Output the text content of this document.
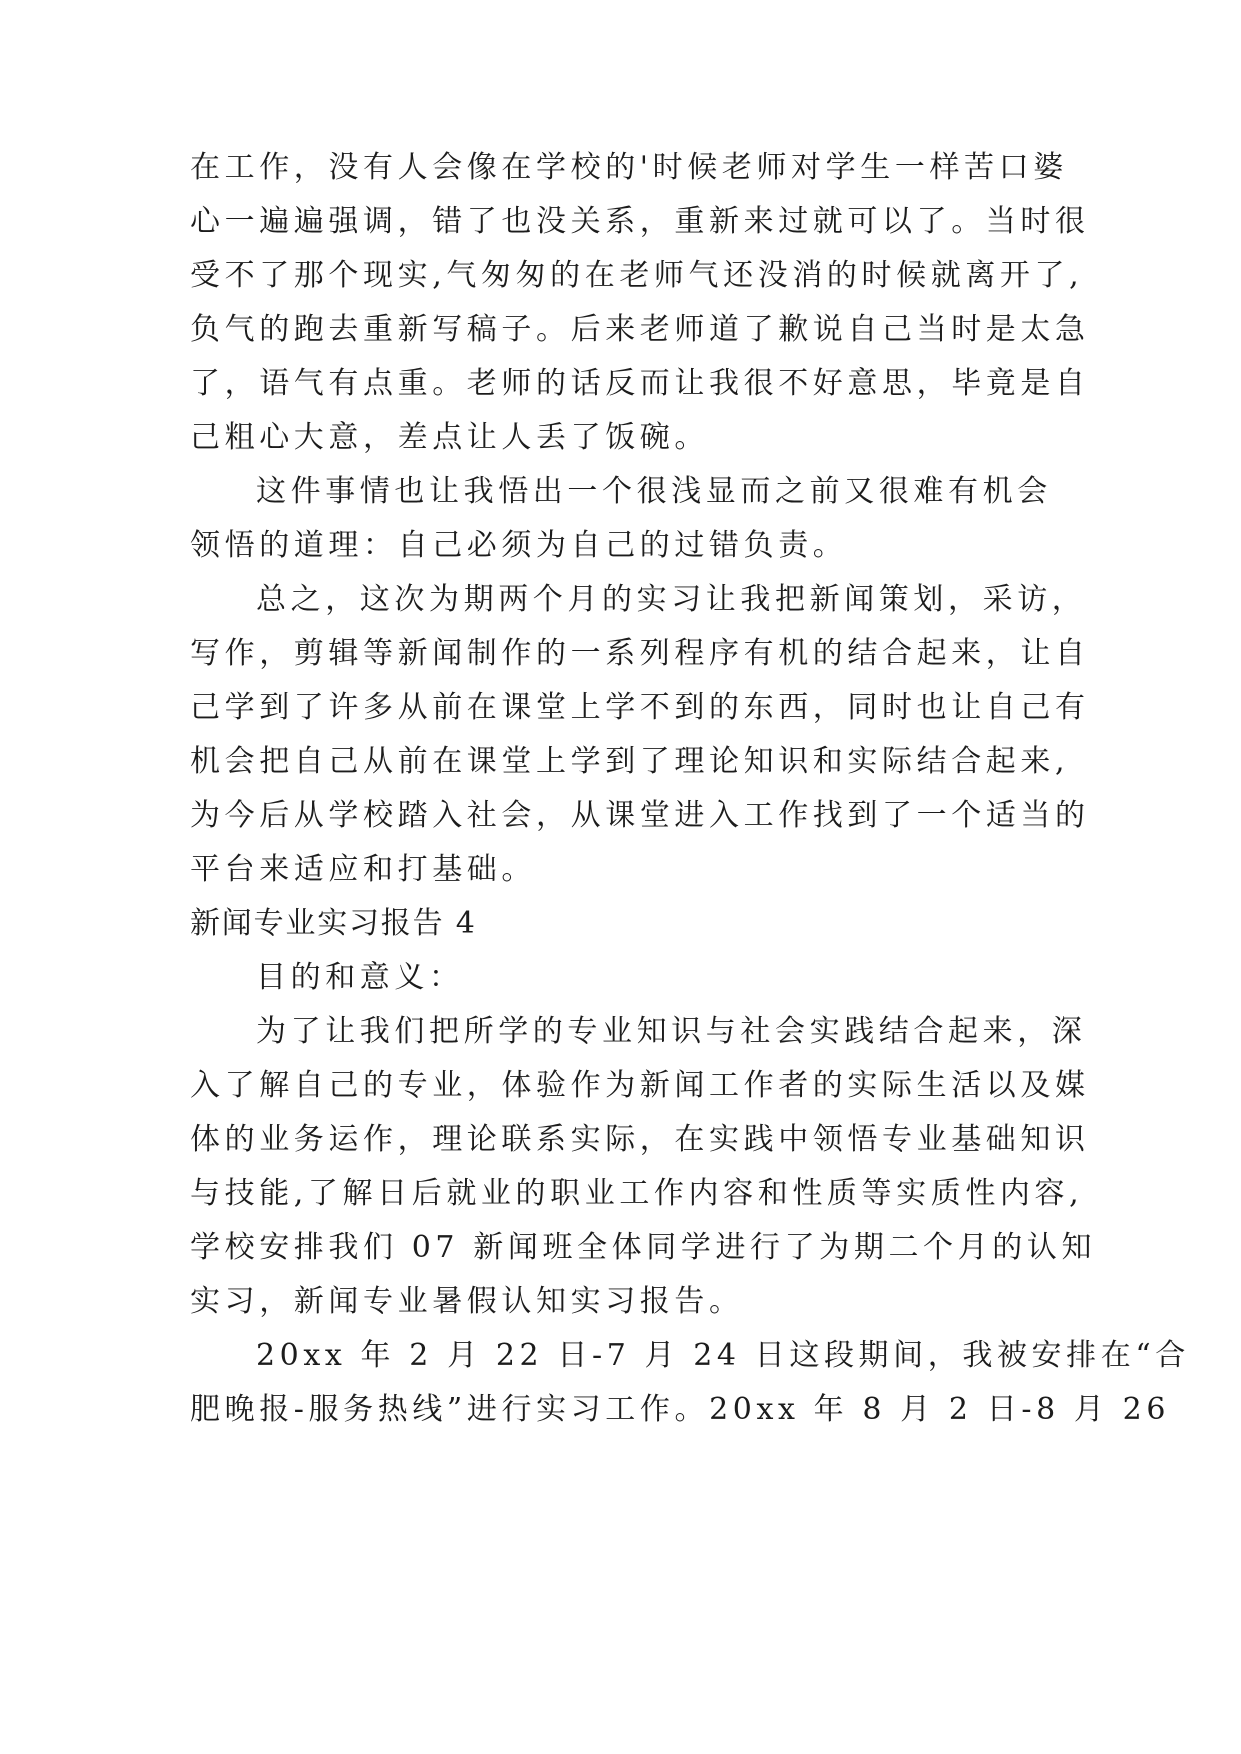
在工作，没有人会像在学校的'时候老师对学生一样苦口婆
心一遍遍强调，错了也没关系，重新来过就可以了。当时很
受不了那个现实,气匆匆的在老师气还没消的时候就离开了,
负气的跑去重新写稿子。后来老师道了歉说自己当时是太急
了，语气有点重。老师的话反而让我很不好意思，毕竟是自
己粗心大意，差点让人丢了饭碗。
这件事情也让我悟出一个很浅显而之前又很难有机会
领悟的道理：自己必须为自己的过错负责。
总之，这次为期两个月的实习让我把新闻策划，采访，
写作，剪辑等新闻制作的一系列程序有机的结合起来，让自
己学到了许多从前在课堂上学不到的东西，同时也让自己有
机会把自己从前在课堂上学到了理论知识和实际结合起来,
为今后从学校踏入社会，从课堂进入工作找到了一个适当的
平台来适应和打基础。
新闻专业实习报告 4
目的和意义：
为了让我们把所学的专业知识与社会实践结合起来，深
入了解自己的专业，体验作为新闻工作者的实际生活以及媒
体的业务运作，理论联系实际，在实践中领悟专业基础知识
与技能,了解日后就业的职业工作内容和性质等实质性内容,
学校安排我们 07 新闻班全体同学进行了为期二个月的认知
实习，新闻专业暑假认知实习报告。
20xx 年 2 月 22 日-7 月 24 日这段期间，我被安排在“合
肥晚报-服务热线”进行实习工作。20xx 年 8 月 2 日-8 月 26
